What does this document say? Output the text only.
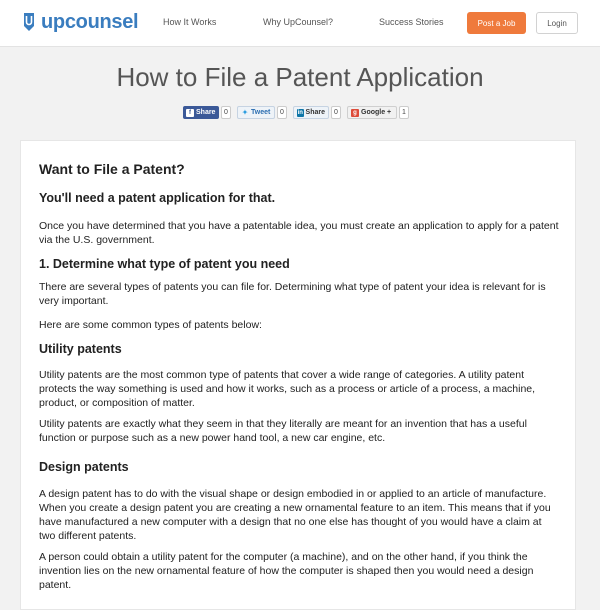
upcounsel	How It Works	Why UpCounsel?	Success Stories	Post a Job	Login
How to File a Patent Application
f Share	0	✦ Tweet	0	in Share	0	g Google +	1
Want to File a Patent?
You'll need a patent application for that.

Once you have determined that you have a patentable idea, you must create an application to apply for a patent via the U.S. government.

1. Determine what type of patent you need

There are several types of patents you can file for. Determining what type of patent your idea is relevant for is very important.

Here are some common types of patents below:

Utility patents

Utility patents are the most common type of patents that cover a wide range of categories. A utility patent protects the way something is used and how it works, such as a process or article of a process, a machine, product, or composition of matter.

Utility patents are exactly what they seem in that they literally are meant for an invention that has a useful function or purpose such as a new power hand tool, a new car engine, etc.

Design patents

A design patent has to do with the visual shape or design embodied in or applied to an article of manufacture. When you create a design patent you are creating a new ornamental feature to an item. This means that if you have manufactured a new computer with a design that no one else has thought of you would have a claim at two different patents.

A person could obtain a utility patent for the computer (a machine), and on the other hand, if you think the invention lies on the new ornamental feature of how the computer is shaped then you would need a design patent.
